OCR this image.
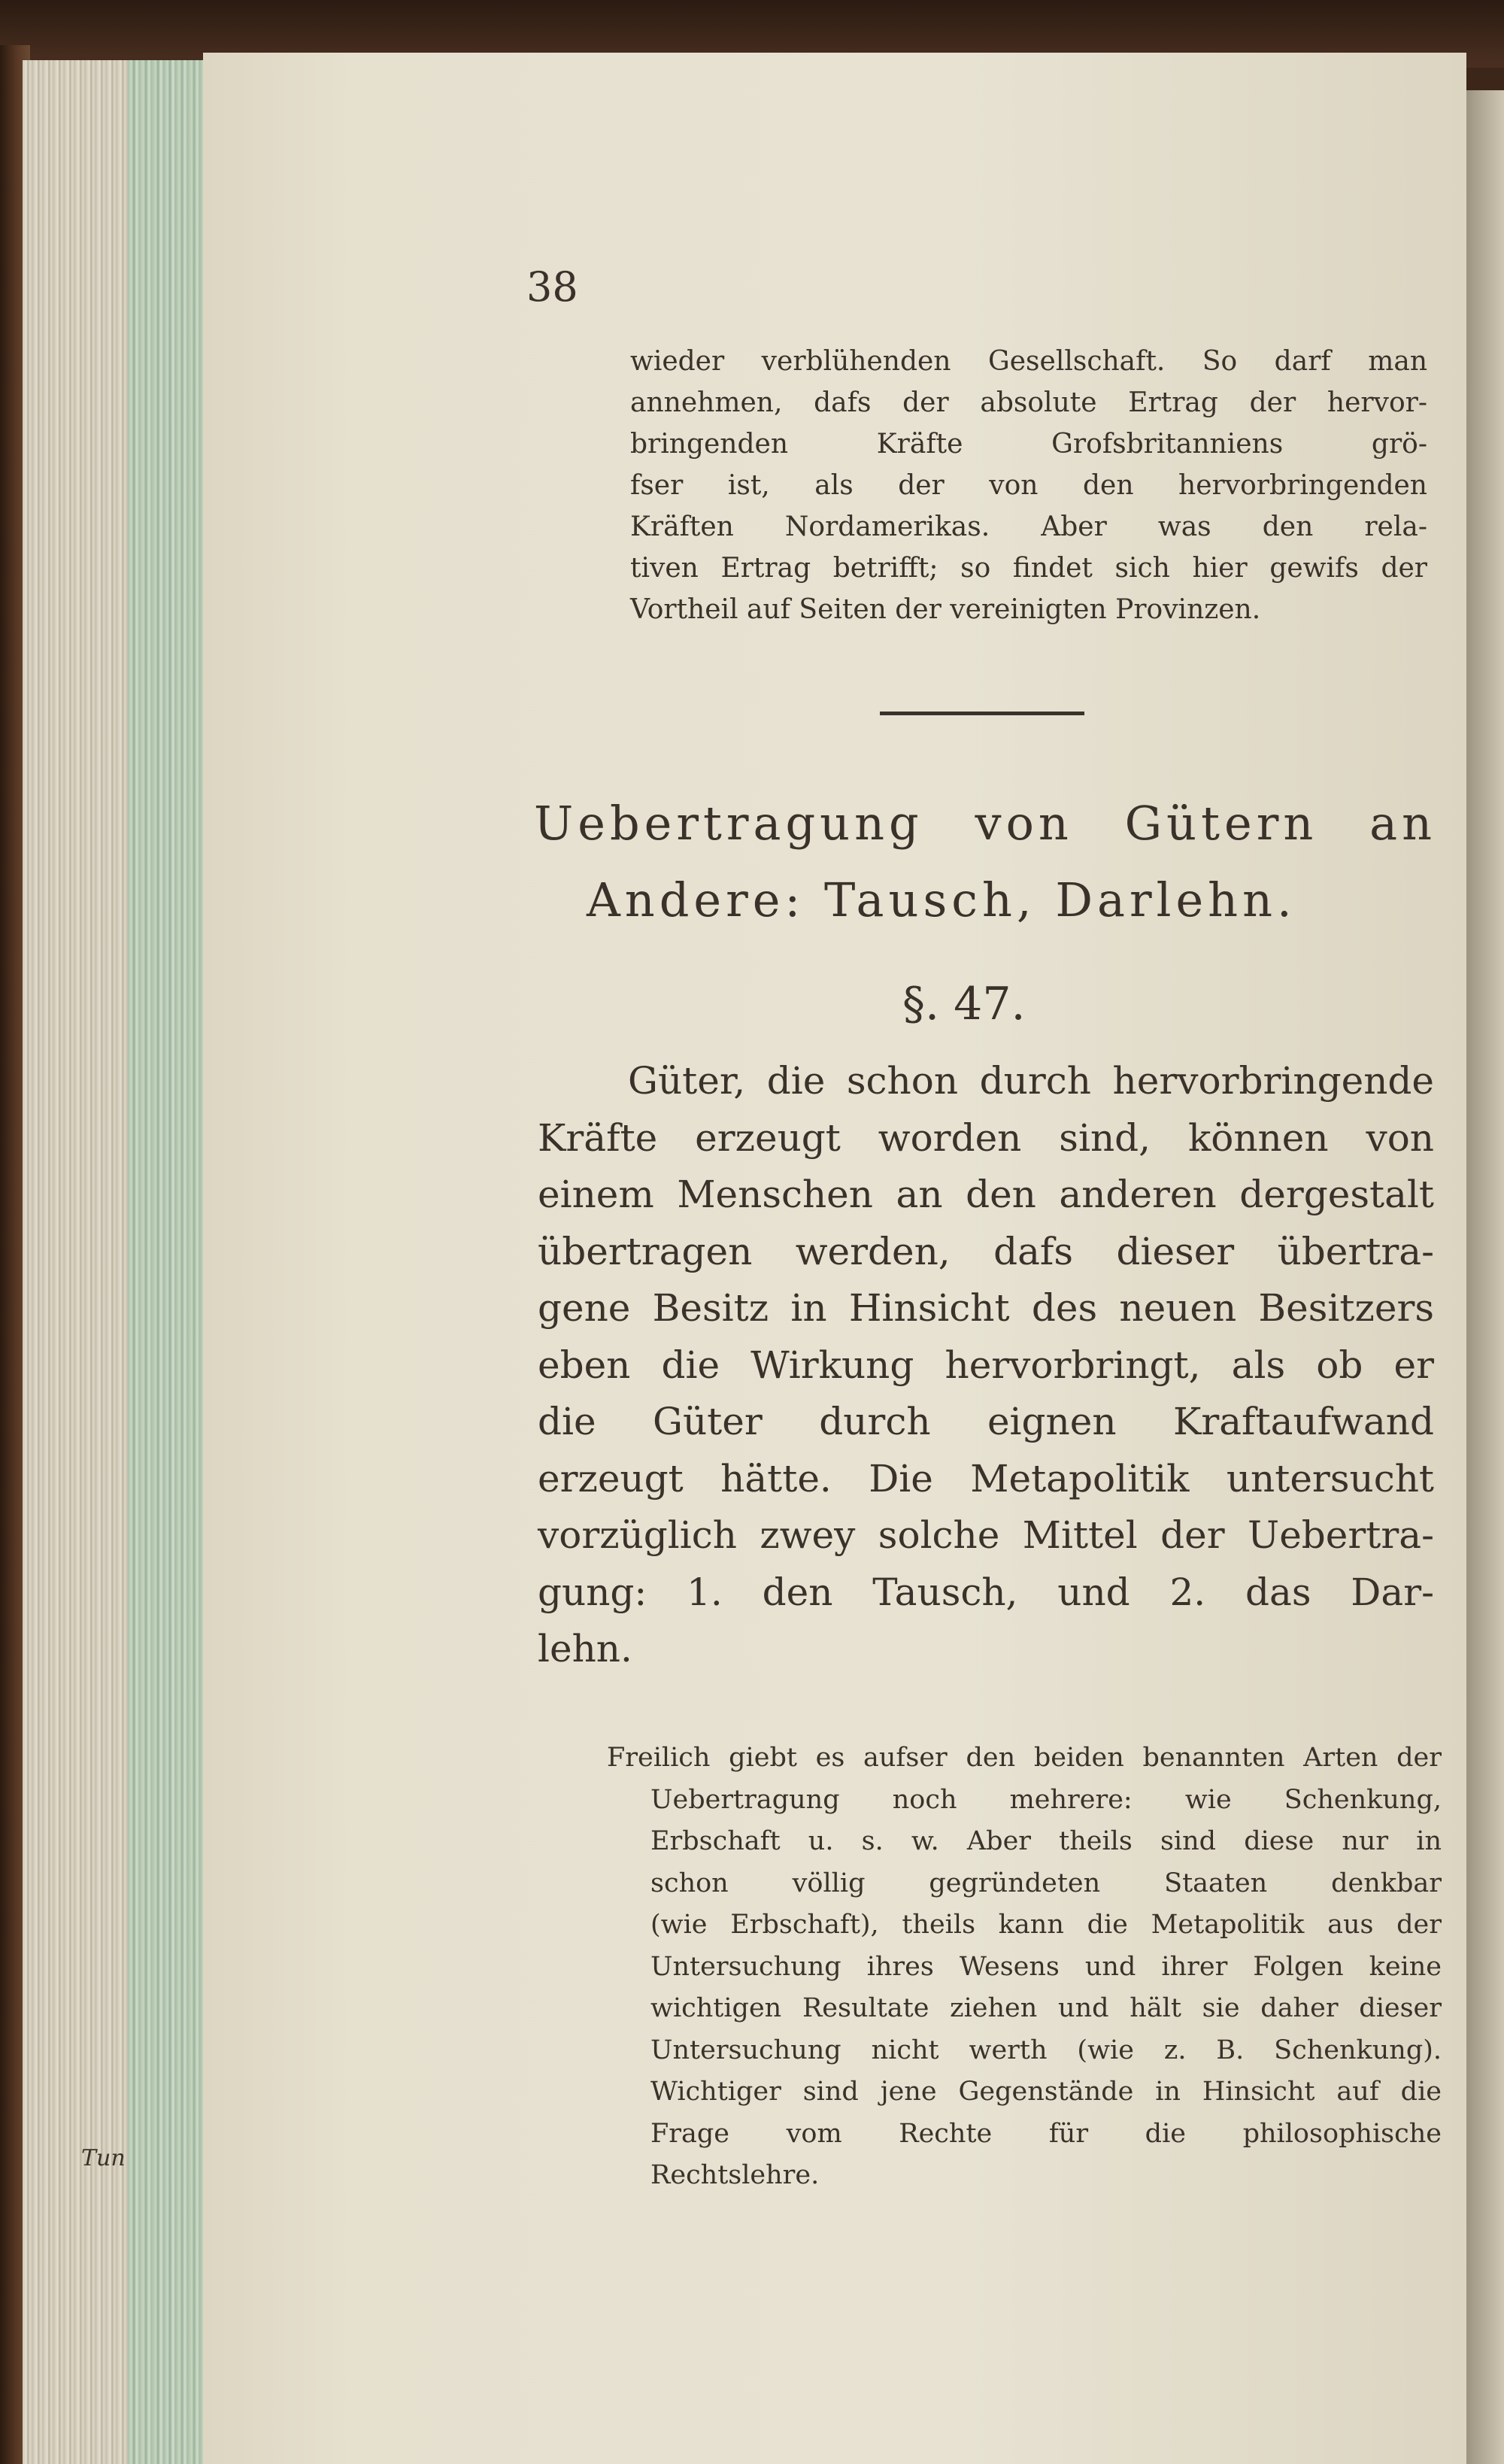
38
wieder verblühenden Gesellschaft. So darf man
annehmen, dafs der absolute Ertrag der hervor-
bringenden Kräfte Grofsbritanniens grö-
fser ist, als der von den hervorbringenden
Kräften Nordamerikas. Aber was den rela-
tiven Ertrag betrifft; so findet sich hier gewifs der
Vortheil auf Seiten der vereinigten Provinzen.
Uebertragung von Gütern an
Andere: Tausch, Darlehn.
§. 47.
Güter, die schon durch hervorbringende
Kräfte erzeugt worden sind, können von
einem Menschen an den anderen dergestalt
übertragen werden, dafs dieser übertra-
gene Besitz in Hinsicht des neuen Besitzers
eben die Wirkung hervorbringt, als ob er
die Güter durch eignen Kraftaufwand
erzeugt hätte. Die Metapolitik untersucht
vorzüglich zwey solche Mittel der Uebertra-
gung: 1. den Tausch, und 2. das Dar-
lehn.
Freilich giebt es aufser den beiden benannten Arten der
Uebertragung noch mehrere: wie Schenkung,
Erbschaft u. s. w. Aber theils sind diese nur in
schon völlig gegründeten Staaten denkbar
(wie Erbschaft), theils kann die Metapolitik aus der
Untersuchung ihres Wesens und ihrer Folgen keine
wichtigen Resultate ziehen und hält sie daher dieser
Untersuchung nicht werth (wie z. B. Schenkung).
Wichtiger sind jene Gegenstände in Hinsicht auf die
Frage vom Rechte für die philosophische
Rechtslehre.
Tun
